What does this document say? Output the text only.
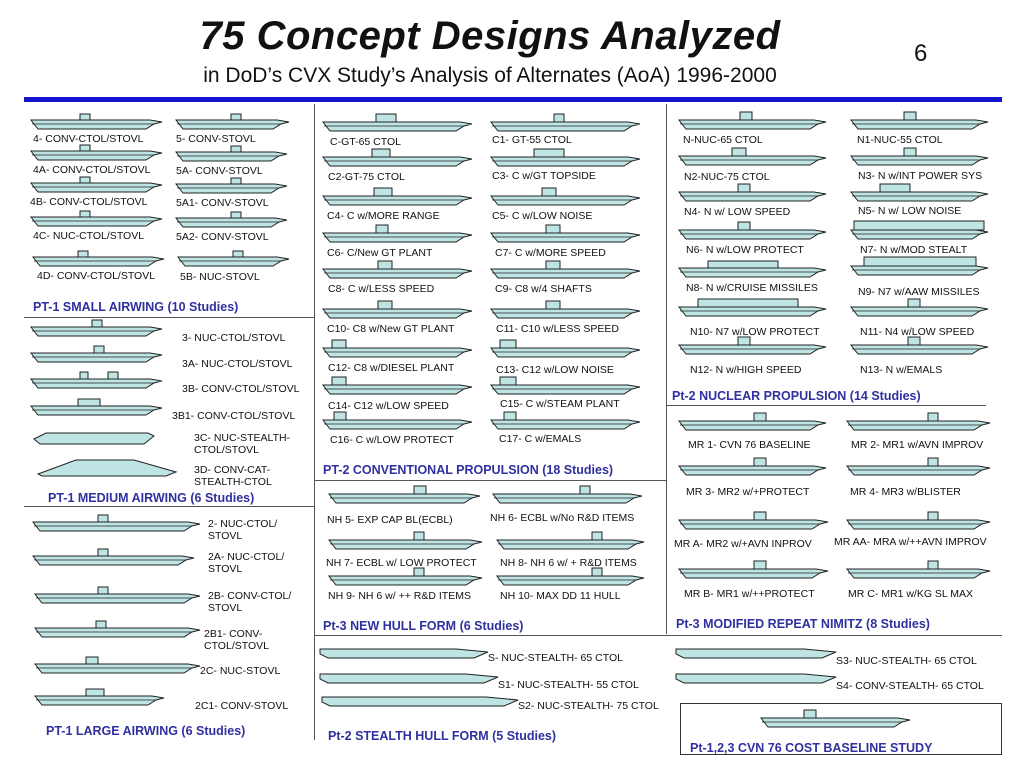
75 Concept Designs Analyzed
in DoD’s CVX Study’s Analysis of Alternates (AoA) 1996-2000
6
4- CONV-CTOL/STOVL	5- CONV-STOVL
4A- CONV-CTOL/STOVL 5A- CONV-STOVL
4B- CONV-CTOL/STOVL	5A1- CONV-STOVL
4C- NUC-CTOL/STOVL	5A2- CONV-STOVL
4D- CONV-CTOL/STOVL 5B- NUC-STOVL
PT-1 SMALL AIRWING (10 Studies)
3- NUC-CTOL/STOVL
3A- NUC-CTOL/STOVL
3B- CONV-CTOL/STOVL
3B1- CONV-CTOL/STOVL
3C- NUC-STEALTH-CTOL/STOVL
3D- CONV-CAT-STEALTH-CTOL
PT-1 MEDIUM AIRWING (6 Studies)
2- NUC-CTOL/ STOVL
2A- NUC-CTOL/ STOVL
2B- CONV-CTOL/ STOVL
2B1- CONV-CTOL/STOVL
2C- NUC-STOVL
2C1- CONV-STOVL
PT-1 LARGE AIRWING (6 Studies)
C-GT-65 CTOL	C1- GT-55 CTOL
C2-GT-75 CTOL	C3- C w/GT TOPSIDE
C4- C w/MORE RANGE	C5- C w/LOW NOISE
C6- C/New GT PLANT	C7- C w/MORE SPEED
C8- C w/LESS SPEED	C9- C8 w/4 SHAFTS
C10- C8 w/New GT PLANT	C11- C10 w/LESS SPEED
C12- C8 w/DIESEL PLANT	C13- C12 w/LOW NOISE
C14- C12 w/LOW SPEED	C15- C w/STEAM PLANT
C16- C w/LOW PROTECT	C17- C w/EMALS
PT-2 CONVENTIONAL PROPULSION (18 Studies)
N-NUC-65 CTOL	N1-NUC-55 CTOL
N2-NUC-75 CTOL	N3- N w/INT POWER SYS
N4- N w/ LOW SPEED	N5- N w/ LOW NOISE
N6- N w/LOW PROTECT	N7- N w/MOD STEALT
N8- N w/CRUISE MISSILES	N9- N7 w/AAW MISSILES
N10- N7 w/LOW PROTECT	N11- N4 w/LOW SPEED
N12- N w/HIGH SPEED	N13- N w/EMALS
Pt-2 NUCLEAR PROPULSION (14 Studies)
NH 5- EXP CAP BL(ECBL)	NH 6- ECBL w/No R&D ITEMS
NH 7- ECBL w/ LOW PROTECT NH 8- NH 6 w/ + R&D ITEMS
NH 9- NH 6 w/ ++ R&D ITEMS	NH 10- MAX DD 11 HULL
Pt-3 NEW HULL FORM (6 Studies)
MR 1- CVN 76 BASELINE	MR 2- MR1 w/AVN IMPROV
MR 3- MR2 w/+PROTECT	MR 4- MR3 w/BLISTER
MR A- MR2 w/+AVN INPROV MR AA- MRA w/++AVN IMPROV
MR B- MR1 w/++PROTECT	MR C- MR1 w/KG SL MAX
Pt-3 MODIFIED REPEAT NIMITZ (8 Studies)
S- NUC-STEALTH- 65 CTOL
S1- NUC-STEALTH- 55 CTOL
S2- NUC-STEALTH- 75 CTOL
S3- NUC-STEALTH- 65 CTOL
S4- CONV-STEALTH- 65 CTOL
Pt-2 STEALTH HULL FORM (5 Studies)
Pt-1,2,3 CVN 76 COST BASELINE STUDY
